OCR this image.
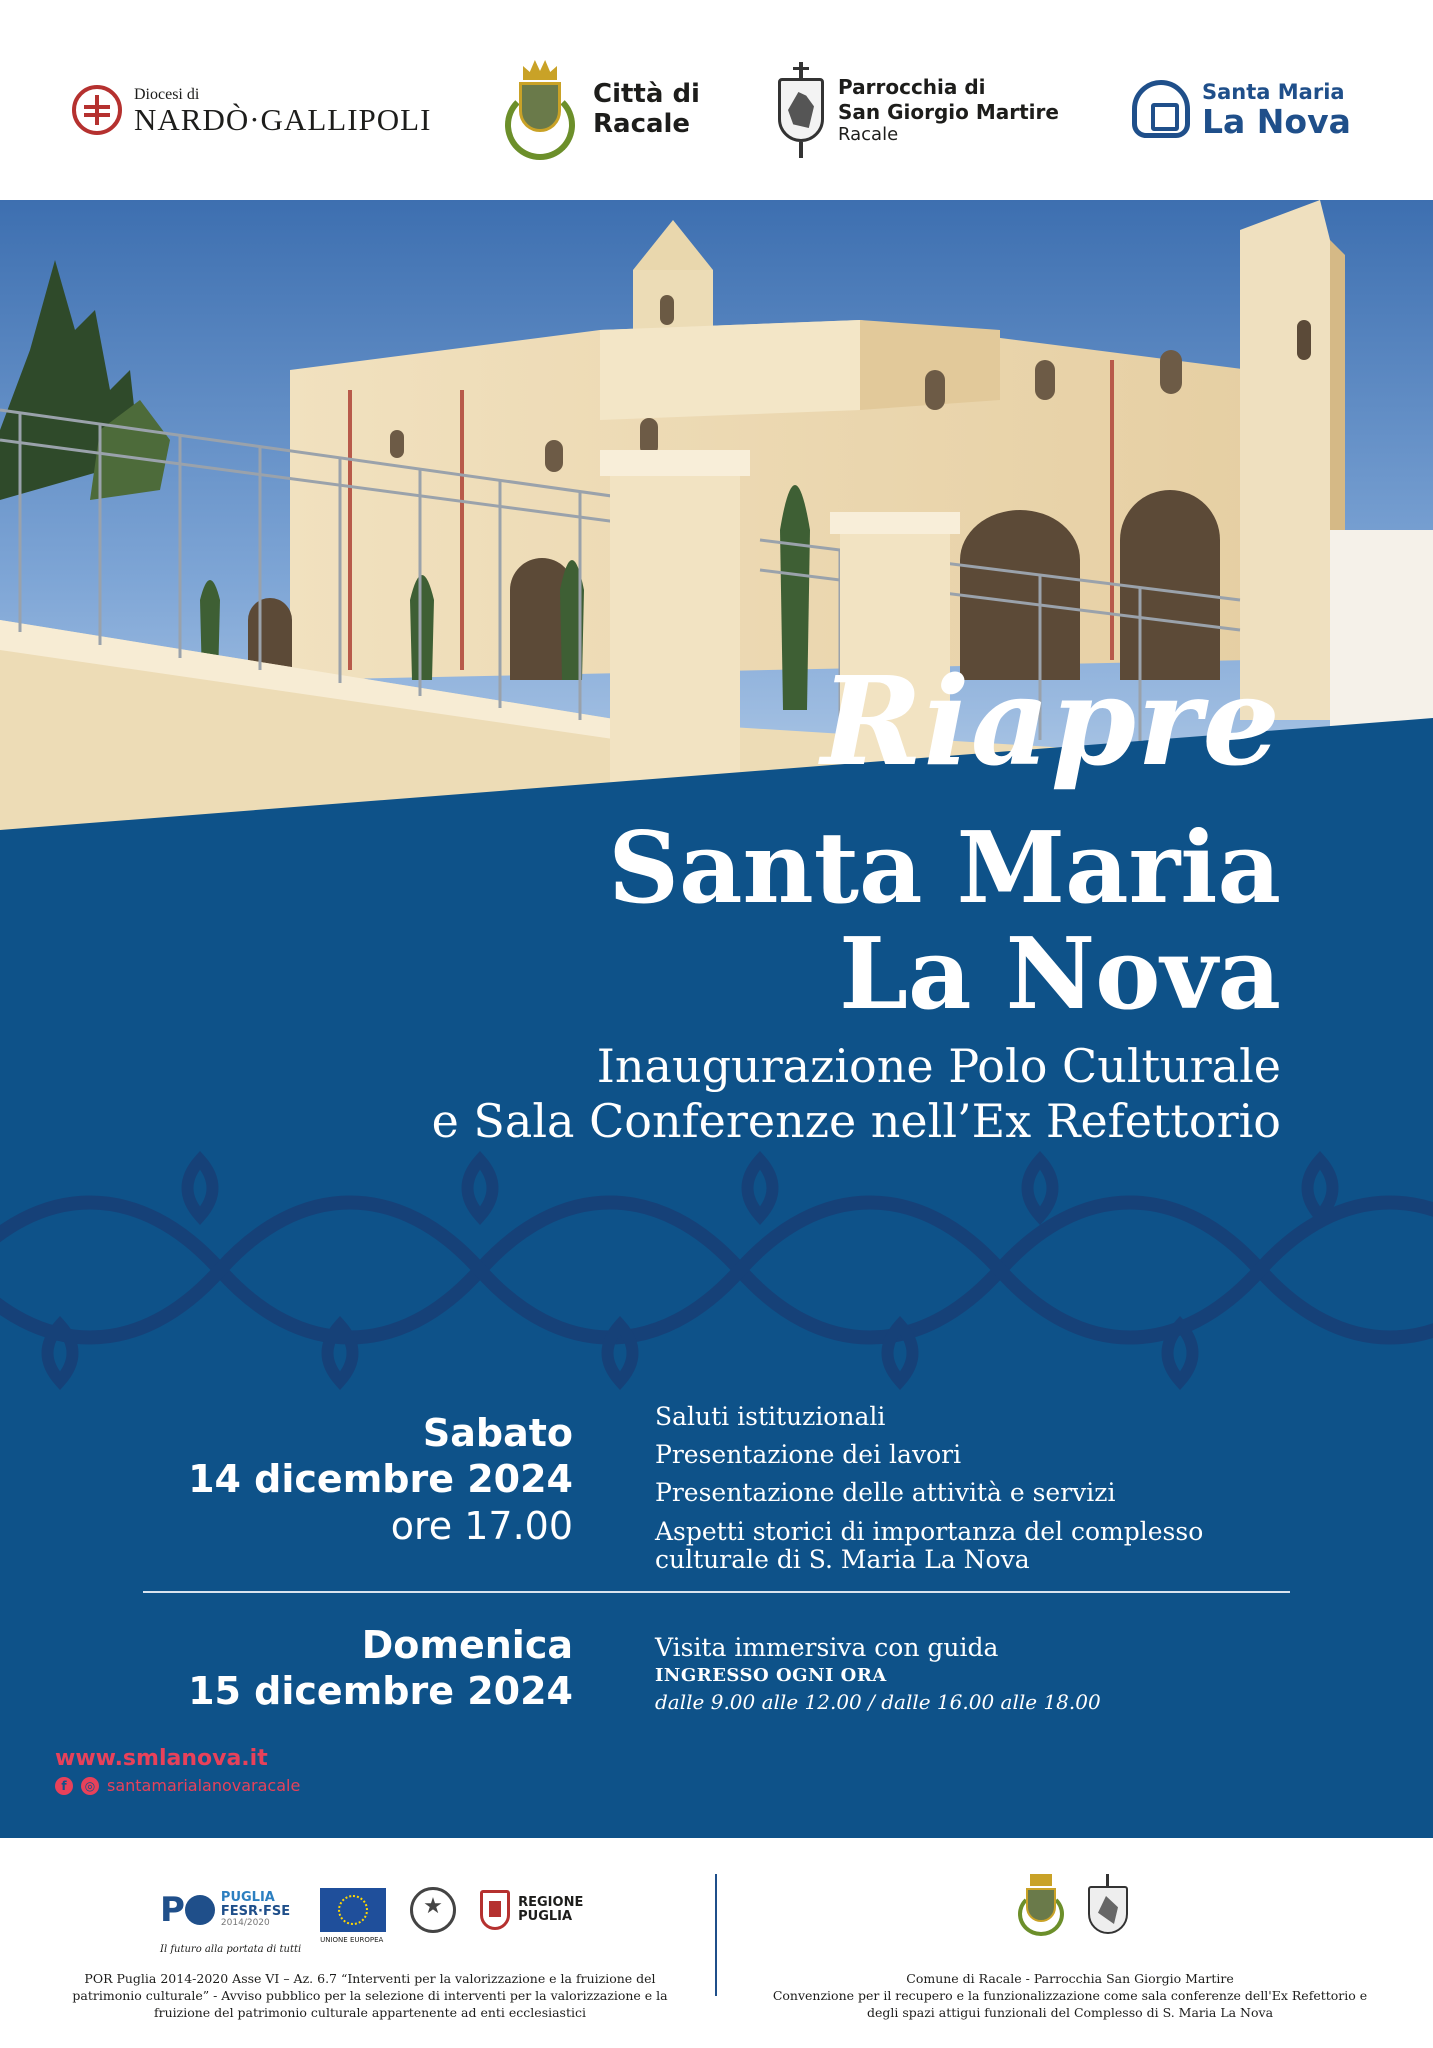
Diocesi di
NARDÒ·GALLIPOLI
Città di
Racale
Parrocchia di
San Giorgio Martire
Racale
Santa Maria
La Nova
Riapre
Santa Maria
La Nova
Inaugurazione Polo Culturale
e Sala Conferenze nell’Ex Refettorio
Sabato
14 dicembre 2024
ore 17.00
Saluti istituzionali
Presentazione dei lavori
Presentazione delle attività e servizi
Aspetti storici di importanza del complesso culturale di S. Maria La Nova
Domenica
15 dicembre 2024
Visita immersiva con guida
INGRESSO OGNI ORA
dalle 9.00 alle 12.00 / dalle 16.00 alle 18.00
www.smlanova.it
f	◎ santamarialanovaracale
P	PUGLIA
FESR·FSE
2014/2020
Il futuro alla portata di tutti
UNIONE EUROPEA
★
REGIONE
PUGLIA
POR Puglia 2014-2020 Asse VI – Az. 6.7 “Interventi per la valorizzazione e la fruizione del patrimonio culturale” - Avviso pubblico per la selezione di interventi per la valorizzazione e la fruizione del patrimonio culturale appartenente ad enti ecclesiastici
Comune di Racale - Parrocchia San Giorgio Martire
Convenzione per il recupero e la funzionalizzazione come sala conferenze dell'Ex Refettorio e degli spazi attigui funzionali del Complesso di S. Maria La Nova
